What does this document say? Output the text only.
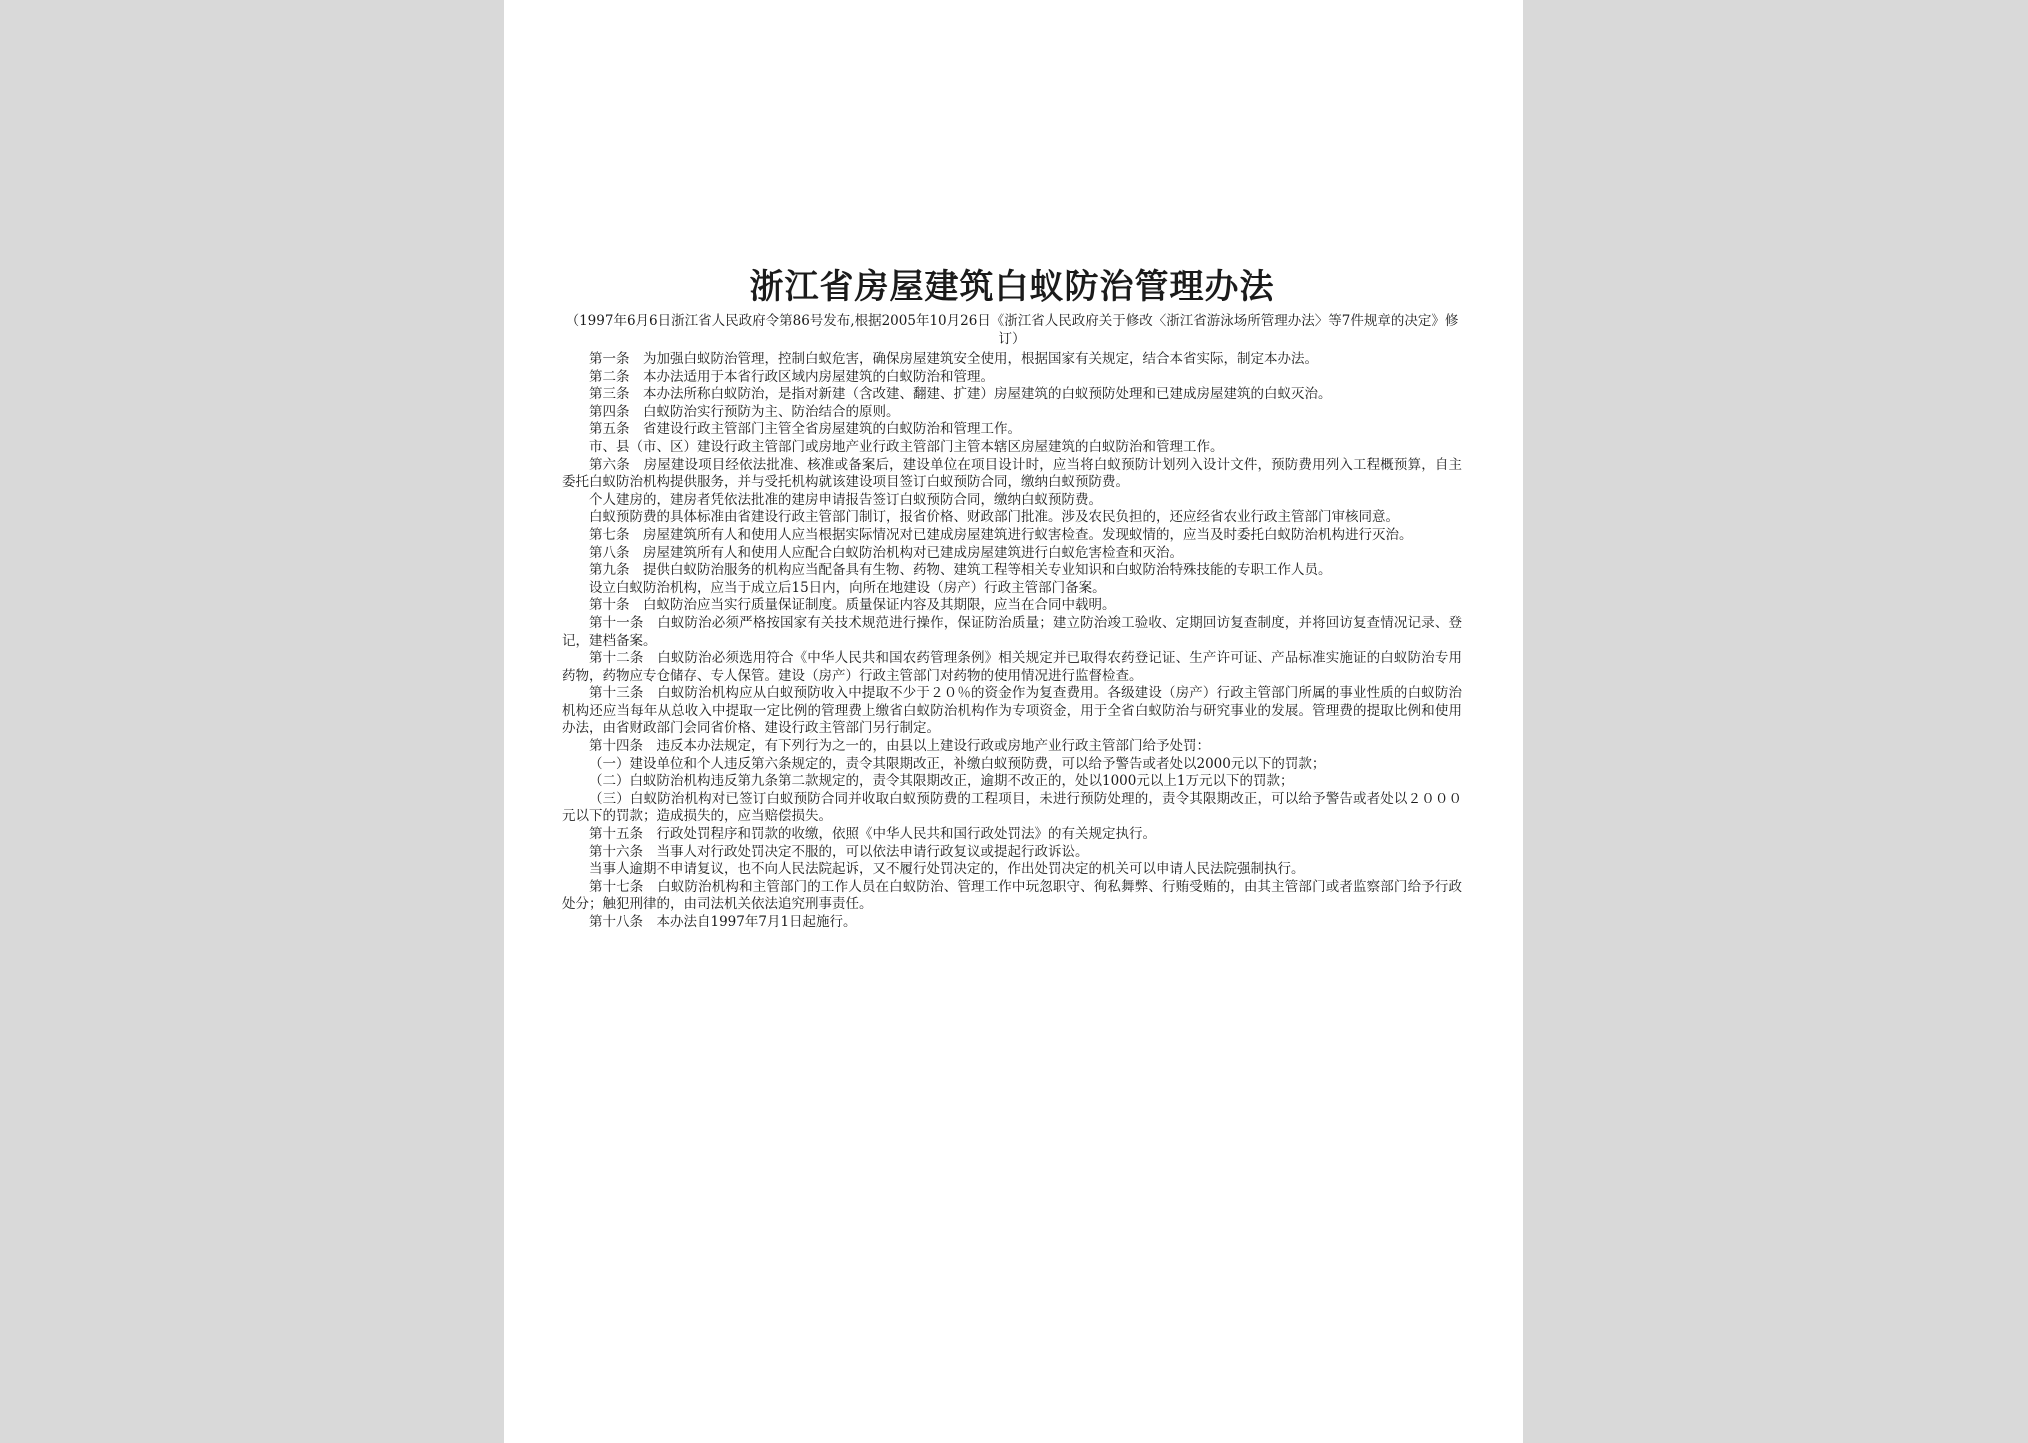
浙江省房屋建筑白蚁防治管理办法

（1997年6月6日浙江省人民政府令第86号发布,根据2005年10月26日《浙江省人民政府关于修改〈浙江省游泳场所管理办法〉等7件规章的决定》修订）

第一条　为加强白蚁防治管理，控制白蚁危害，确保房屋建筑安全使用，根据国家有关规定，结合本省实际，制定本办法。

第二条　本办法适用于本省行政区域内房屋建筑的白蚁防治和管理。

第三条　本办法所称白蚁防治，是指对新建（含改建、翻建、扩建）房屋建筑的白蚁预防处理和已建成房屋建筑的白蚁灭治。

第四条　白蚁防治实行预防为主、防治结合的原则。

第五条　省建设行政主管部门主管全省房屋建筑的白蚁防治和管理工作。

市、县（市、区）建设行政主管部门或房地产业行政主管部门主管本辖区房屋建筑的白蚁防治和管理工作。

第六条　房屋建设项目经依法批准、核准或备案后，建设单位在项目设计时，应当将白蚁预防计划列入设计文件，预防费用列入工程概预算，自主委托白蚁防治机构提供服务，并与受托机构就该建设项目签订白蚁预防合同，缴纳白蚁预防费。

个人建房的，建房者凭依法批准的建房申请报告签订白蚁预防合同，缴纳白蚁预防费。

白蚁预防费的具体标准由省建设行政主管部门制订，报省价格、财政部门批准。涉及农民负担的，还应经省农业行政主管部门审核同意。

第七条　房屋建筑所有人和使用人应当根据实际情况对已建成房屋建筑进行蚁害检查。发现蚁情的，应当及时委托白蚁防治机构进行灭治。

第八条　房屋建筑所有人和使用人应配合白蚁防治机构对已建成房屋建筑进行白蚁危害检查和灭治。

第九条　提供白蚁防治服务的机构应当配备具有生物、药物、建筑工程等相关专业知识和白蚁防治特殊技能的专职工作人员。

设立白蚁防治机构，应当于成立后15日内，向所在地建设（房产）行政主管部门备案。

第十条　白蚁防治应当实行质量保证制度。质量保证内容及其期限，应当在合同中载明。

第十一条　白蚁防治必须严格按国家有关技术规范进行操作，保证防治质量；建立防治竣工验收、定期回访复查制度，并将回访复查情况记录、登记，建档备案。

第十二条　白蚁防治必须选用符合《中华人民共和国农药管理条例》相关规定并已取得农药登记证、生产许可证、产品标准实施证的白蚁防治专用药物，药物应专仓储存、专人保管。建设（房产）行政主管部门对药物的使用情况进行监督检查。

第十三条　白蚁防治机构应从白蚁预防收入中提取不少于２０％的资金作为复查费用。各级建设（房产）行政主管部门所属的事业性质的白蚁防治机构还应当每年从总收入中提取一定比例的管理费上缴省白蚁防治机构作为专项资金，用于全省白蚁防治与研究事业的发展。管理费的提取比例和使用办法，由省财政部门会同省价格、建设行政主管部门另行制定。

第十四条　违反本办法规定，有下列行为之一的，由县以上建设行政或房地产业行政主管部门给予处罚：

（一）建设单位和个人违反第六条规定的，责令其限期改正，补缴白蚁预防费，可以给予警告或者处以2000元以下的罚款；

（二）白蚁防治机构违反第九条第二款规定的，责令其限期改正，逾期不改正的，处以1000元以上1万元以下的罚款；

（三）白蚁防治机构对已签订白蚁预防合同并收取白蚁预防费的工程项目，未进行预防处理的，责令其限期改正，可以给予警告或者处以２０００元以下的罚款；造成损失的，应当赔偿损失。

第十五条　行政处罚程序和罚款的收缴，依照《中华人民共和国行政处罚法》的有关规定执行。

第十六条　当事人对行政处罚决定不服的，可以依法申请行政复议或提起行政诉讼。

当事人逾期不申请复议，也不向人民法院起诉，又不履行处罚决定的，作出处罚决定的机关可以申请人民法院强制执行。

第十七条　白蚁防治机构和主管部门的工作人员在白蚁防治、管理工作中玩忽职守、徇私舞弊、行贿受贿的，由其主管部门或者监察部门给予行政处分；触犯刑律的，由司法机关依法追究刑事责任。

第十八条　本办法自1997年7月1日起施行。
